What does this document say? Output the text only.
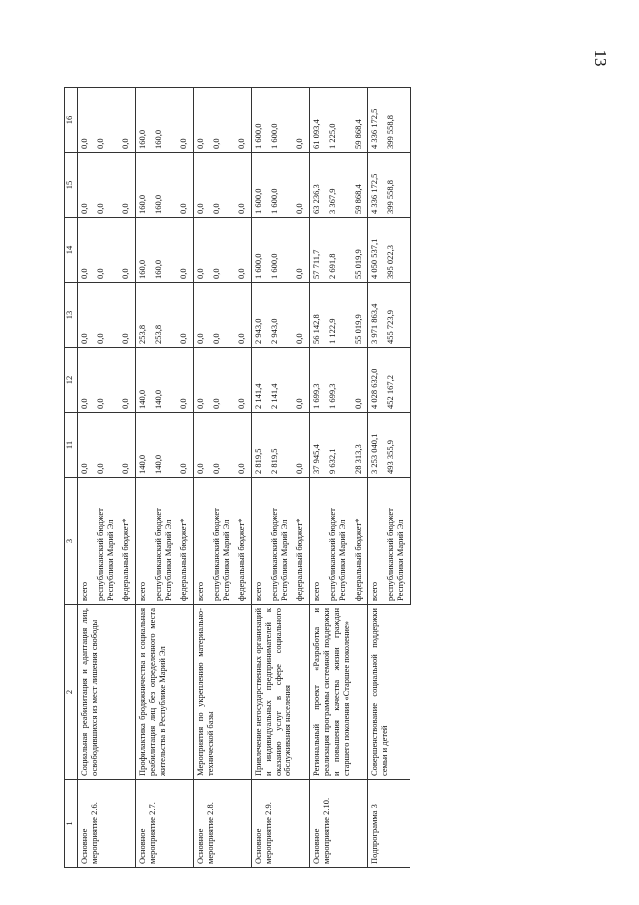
13
1	2	3	11	12	13	14	15	16
Основное мероприятие 2.6.	Социальная реабилитация и адаптация лиц, освободившихся из мест лишения свободы	всего	0,0	0,0	0,0	0,0	0,0	0,0
		республиканский бюджет Республики Марий Эл	0,0	0,0	0,0	0,0	0,0	0,0
		федеральный бюджет*	0,0	0,0	0,0	0,0	0,0	0,0
Основное мероприятие 2.7.	Профилактика бродяжничества и социальная реабилитация лиц без определенного места жительства в Республике Марий Эл	всего	140,0	140,0	253,8	160,0	160,0	160,0
		республиканский бюджет Республики Марий Эл	140,0	140,0	253,8	160,0	160,0	160,0
		федеральный бюджет*	0,0	0,0	0,0	0,0	0,0	0,0
Основное мероприятие 2.8.	Мероприятия по укреплению материально-технической базы	всего	0,0	0,0	0,0	0,0	0,0	0,0
		республиканский бюджет Республики Марий Эл	0,0	0,0	0,0	0,0	0,0	0,0
		федеральный бюджет*	0,0	0,0	0,0	0,0	0,0	0,0
Основное мероприятие 2.9.	Привлечение негосударственных организаций и индивидуальных предпринимателей к оказанию услуг в сфере социального обслуживания населения	всего	2 819,5	2 141,4	2 943,0	1 600,0	1 600,0	1 600,0
		республиканский бюджет Республики Марий Эл	2 819,5	2 141,4	2 943,0	1 600,0	1 600,0	1 600,0
		федеральный бюджет*	0,0	0,0	0,0	0,0	0,0	0,0
Основное мероприятие 2.10.	Региональный проект «Разработка и реализация программы системной поддержки и повышения качества жизни граждан старшего поколения «Старшее поколение»	всего	37 945,4	1 699,3	56 142,8	57 711,7	63 236,3	61 093,4
		республиканский бюджет Республики Марий Эл	9 632,1	1 699,3	1 122,9	2 691,8	3 367,9	1 225,0
		федеральный бюджет*	28 313,3	0,0	55 019,9	55 019,9	59 868,4	59 868,4
Подпрограмма 3	Совершенствование социальной поддержки семьи и детей	всего	3 253 040,1	4 028 632,0	3 971 863,4	4 050 537,1	4 336 172,5	4 336 172,5
		республиканский бюджет Республики Марий Эл	493 355,9	452 167,2	455 723,9	395 022,3	399 558,8	399 558,8
